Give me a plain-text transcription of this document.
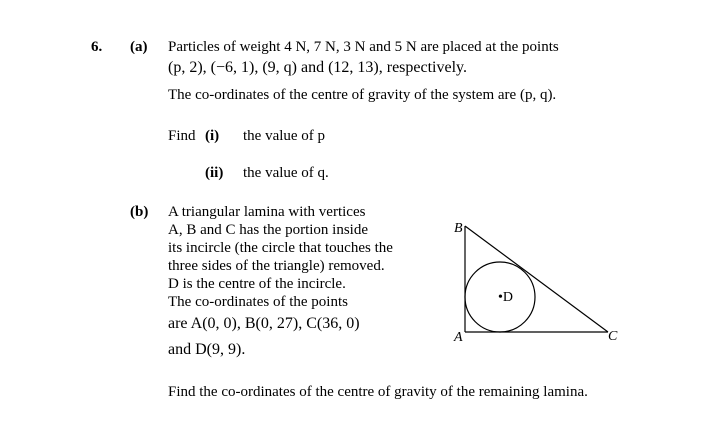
6. (a) Particles of weight 4 N, 7 N, 3 N and 5 N are placed at the points
(p, 2), (−6, 1), (9, q) and (12, 13), respectively.
The co-ordinates of the centre of gravity of the system are (p, q).
Find (i) the value of p
(ii) the value of q.
(b) A triangular lamina with vertices
A, B and C has the portion inside
its incircle (the circle that touches the
three sides of the triangle) removed.
D is the centre of the incircle.
The co-ordinates of the points
are A(0, 0), B(0, 27), C(36, 0)
and D(9, 9).
Find the co-ordinates of the centre of gravity of the remaining lamina.
B
A	C
•D
